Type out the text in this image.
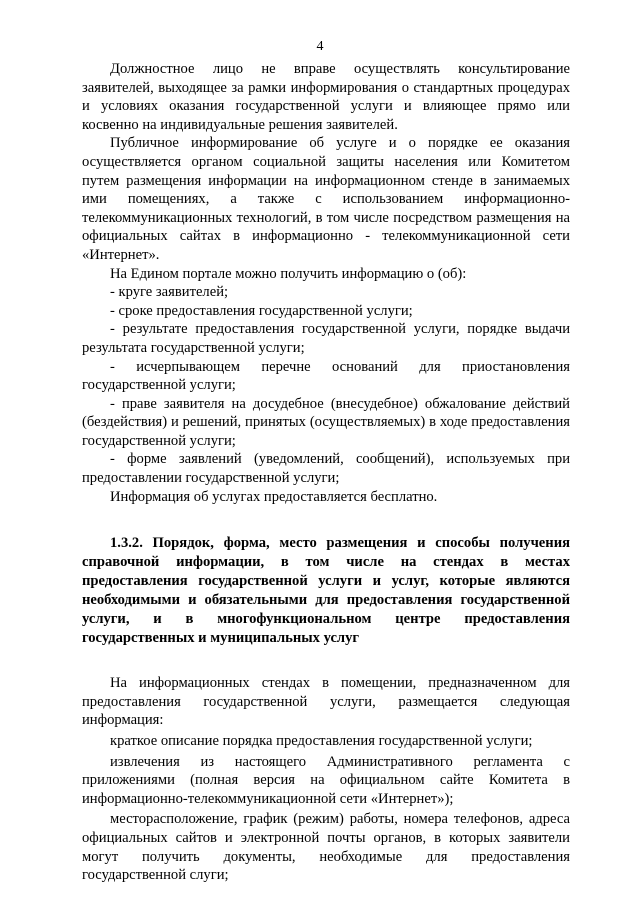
4

Должностное лицо не вправе осуществлять консультирование заявителей, выходящее за рамки информирования о стандартных процедурах и условиях оказания государственной услуги и влияющее прямо или косвенно на индивидуальные решения заявителей.

Публичное информирование об услуге и о порядке ее оказания осуществляется органом социальной защиты населения или Комитетом путем размещения информации на информационном стенде в занимаемых ими помещениях, а также с использованием информационно-телекоммуникационных технологий, в том числе посредством размещения на официальных сайтах в информационно - телекоммуникационной сети «Интернет».

На Едином портале можно получить информацию о (об):

- круге заявителей;

- сроке предоставления государственной услуги;

- результате предоставления государственной услуги, порядке выдачи результата государственной услуги;

- исчерпывающем перечне оснований для приостановления государственной услуги;

- праве заявителя на досудебное (внесудебное) обжалование действий (бездействия) и решений, принятых (осуществляемых) в ходе предоставления государственной услуги;

- форме заявлений (уведомлений, сообщений), используемых при предоставлении государственной услуги;

Информация об услугах предоставляется бесплатно.

1.3.2. Порядок, форма, место размещения и способы получения справочной информации, в том числе на стендах в местах предоставления государственной услуги и услуг, которые являются необходимыми и обязательными для предоставления государственной услуги, и в многофункциональном центре предоставления государственных и муниципальных услуг

На информационных стендах в помещении, предназначенном для предоставления государственной услуги, размещается следующая информация:

краткое описание порядка предоставления государственной услуги;

извлечения из настоящего Административного регламента с приложениями (полная версия на официальном сайте Комитета в информационно-телекоммуникационной сети «Интернет»);

месторасположение, график (режим) работы, номера телефонов, адреса официальных сайтов и электронной почты органов, в которых заявители могут получить документы, необходимые для предоставления государственной слуги;
